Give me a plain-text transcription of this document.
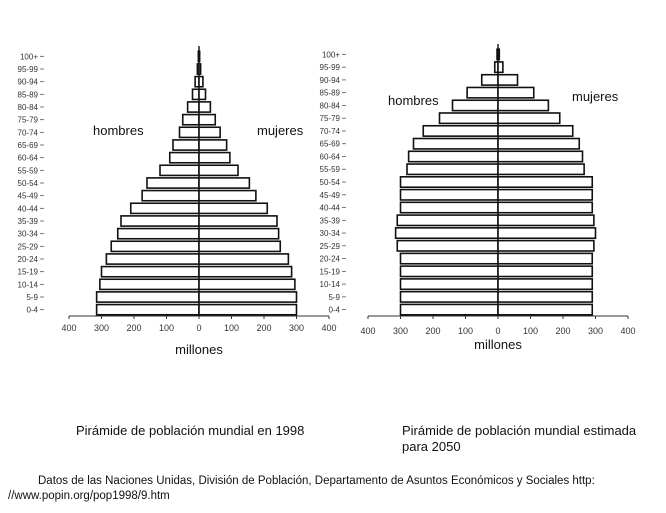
400 300 200 100 0 100 200 300 400
0-4
5-9
10-14
15-19
20-24
25-29
30-34
35-39
40-44
45-49
50-54
55-59
60-64
65-69
70-74
75-79
80-84
85-89
90-94
95-99
100+
hombres	mujeres
millones
400 300 200 100 0 100 200 300 400
0-4
5-9
10-14
15-19
20-24
25-29
30-34
35-39
40-44
45-49
50-54
55-59
60-64
65-69
70-74
75-79
80-84
85-89
90-94
95-99
100+
hombres	mujeres
millones
Pirámide de población mundial en 1998	Pirámide de población mundial estimada para 2050
Datos de las Naciones Unidas, División de Población, Departamento de Asuntos Económicos y Sociales http:
//www.popin.org/pop1998/9.htm
